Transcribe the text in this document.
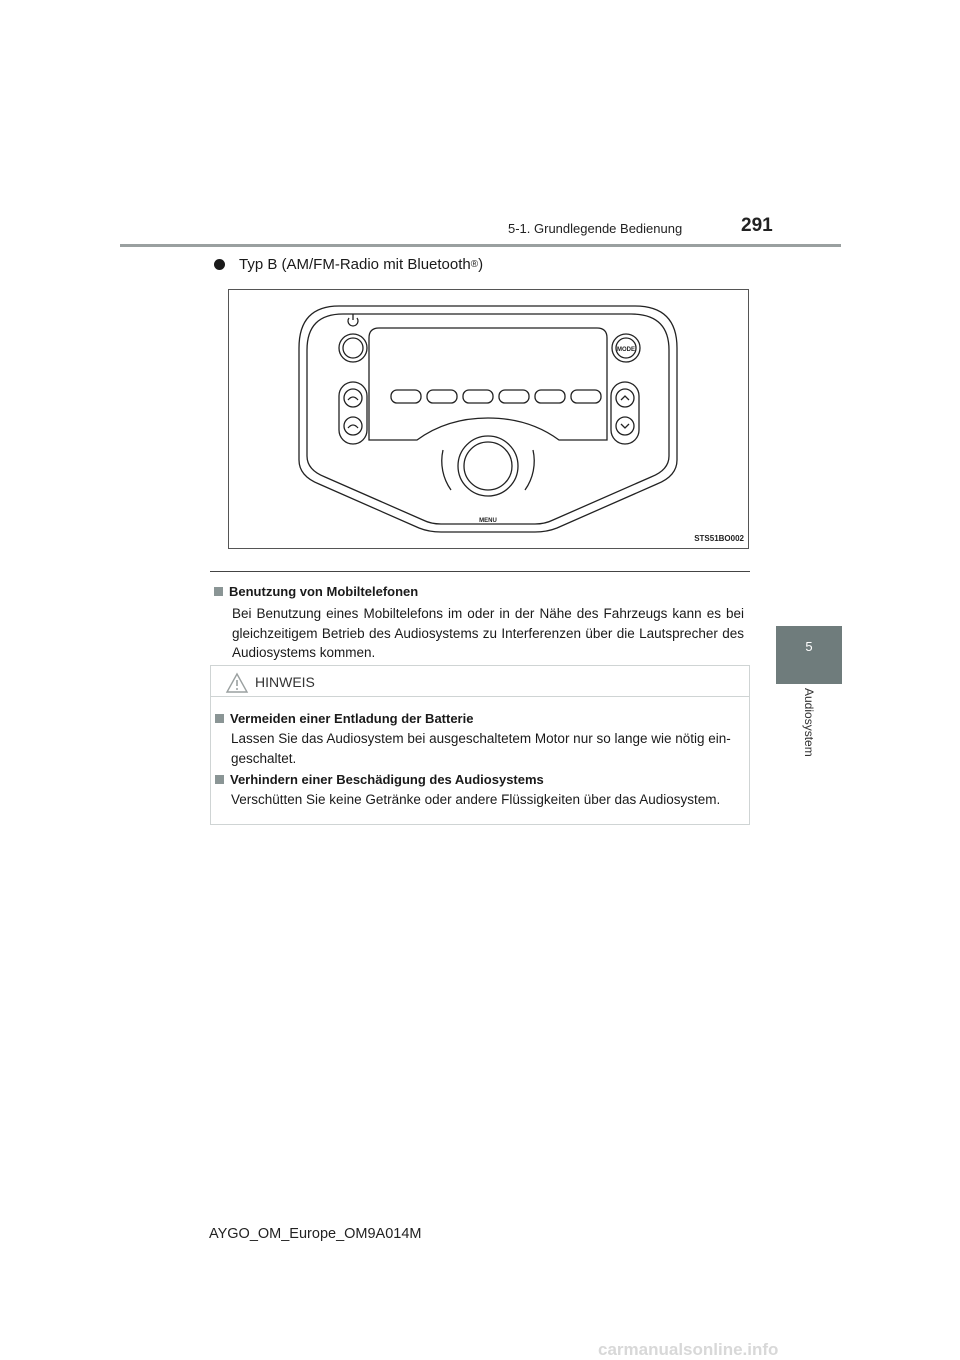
5-1. Grundlegende Bedienung	291
5
Audiosystem
Typ B (AM/FM-Radio mit Bluetooth ® )
MODE
MENU
STS51BO002
Benutzung von Mobiltelefonen
Bei Benutzung eines Mobiltelefons im oder in der Nähe des Fahrzeugs kann es bei gleichzeitigem Betrieb des Audiosystems zu Interferenzen über die Lautsprecher des Audiosystems kommen.
HINWEIS
Vermeiden einer Entladung der Batterie
Lassen Sie das Audiosystem bei ausgeschaltetem Motor nur so lange wie nötig ein-geschaltet.
Verhindern einer Beschädigung des Audiosystems
Verschütten Sie keine Getränke oder andere Flüssigkeiten über das Audiosystem.
AYGO_OM_Europe_OM9A014M
carmanualsonline.info
